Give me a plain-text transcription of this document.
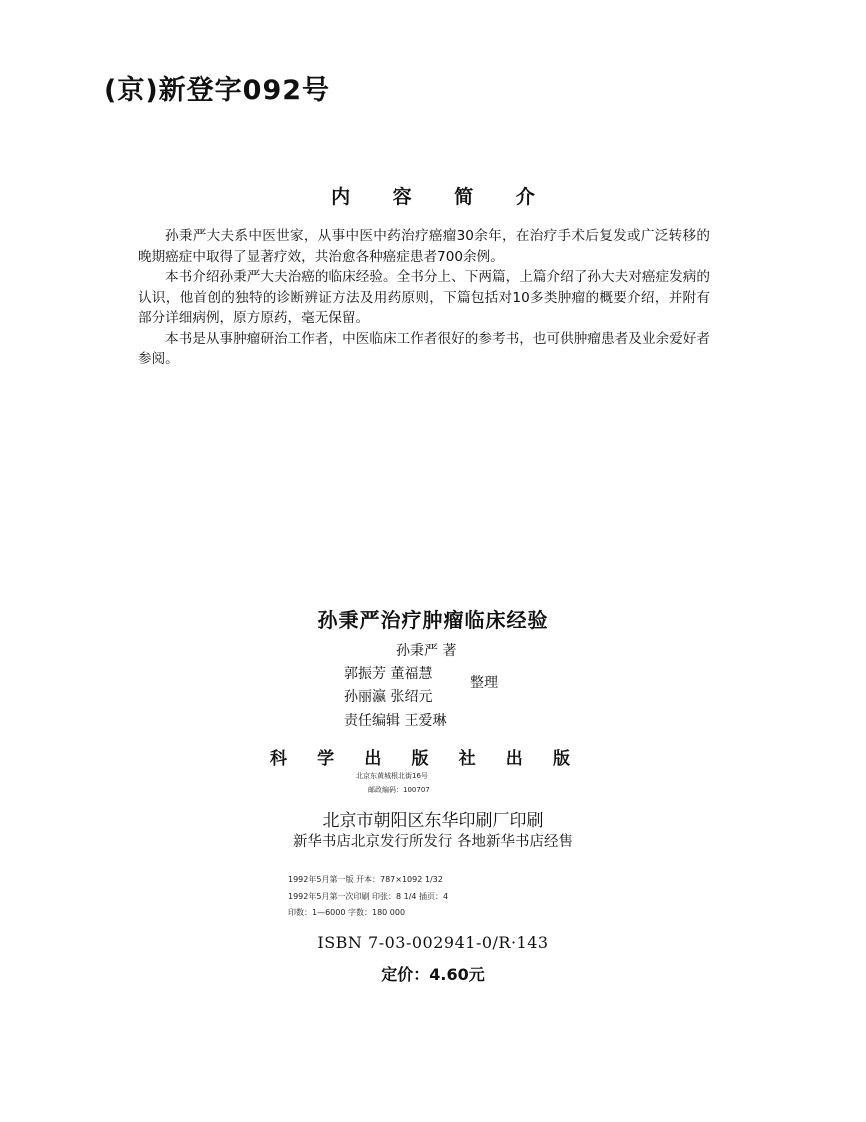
(京)新登字092号
内 容 简 介

孙秉严大夫系中医世家，从事中医中药治疗癌瘤30余年，在治疗手术后复发或广泛转移的晚期癌症中取得了显著疗效，共治愈各种癌症患者700余例。

本书介绍孙秉严大夫治癌的临床经验。全书分上、下两篇，上篇介绍了孙大夫对癌症发病的认识，他首创的独特的诊断辨证方法及用药原则，下篇包括对10多类肿瘤的概要介绍，并附有部分详细病例，原方原药，毫无保留。

本书是从事肿瘤研治工作者，中医临床工作者很好的参考书，也可供肿瘤患者及业余爱好者参阅。

孙秉严治疗肿瘤临床经验
孙秉严 著
郭振芳 董福慧
整理
孙丽瀛 张绍元
责任编辑 王爱琳
科 学 出 版 社 出 版
北京东黄城根北街16号
邮政编码：100707
北京市朝阳区东华印刷厂印刷
新华书店北京发行所发行 各地新华书店经售
1992年5月第一版 开本：787×1092 1/32
1992年5月第一次印刷 印张：8 1/4 插页：4
印数：1—6000 字数：180 000
ISBN 7-03-002941-0/R·143
定价：4.60元
